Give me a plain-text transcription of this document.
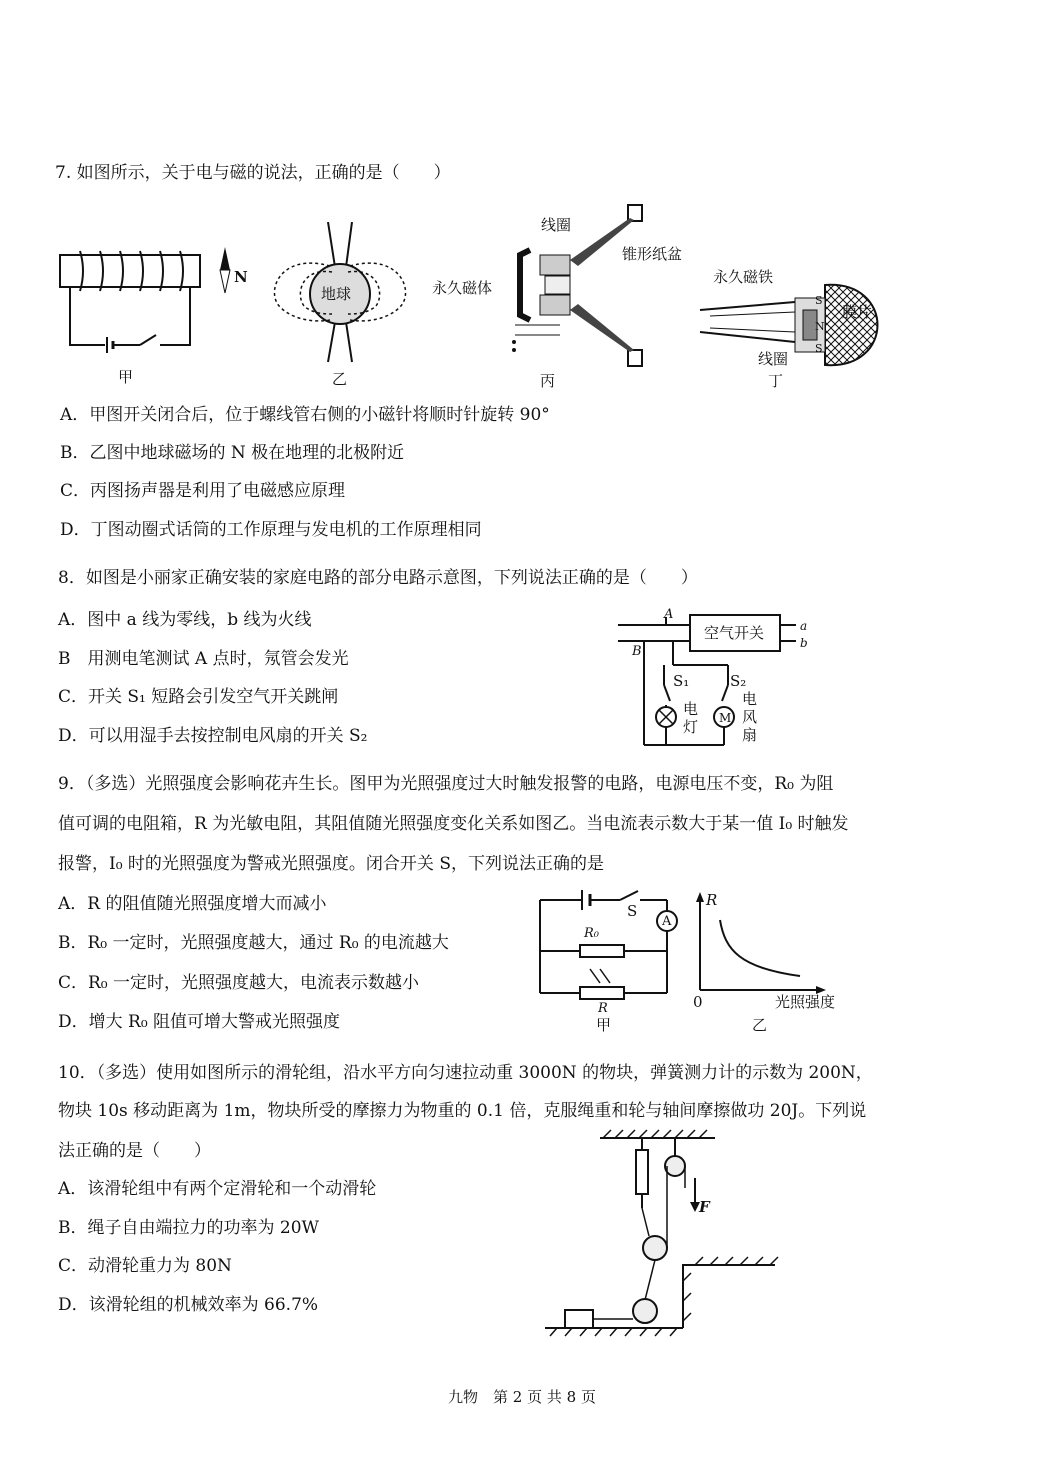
7. 如图所示，关于电与磁的说法，正确的是（　　）
N
甲
地球
乙
线圈
锥形纸盆
永久磁体
丙
永久磁铁
S
N
S
膜片
线圈
丁
A．甲图开关闭合后，位于螺线管右侧的小磁针将顺时针旋转 90°
B．乙图中地球磁场的 N 极在地理的北极附近
C．丙图扬声器是利用了电磁感应原理
D．丁图动圈式话筒的工作原理与发电机的工作原理相同
8．如图是小丽家正确安装的家庭电路的部分电路示意图，下列说法正确的是（　　）
A．图中 a 线为零线，b 线为火线
B　用测电笔测试 A 点时，氖管会发光
C．开关 S₁ 短路会引发空气开关跳闸
D．可以用湿手去按控制电风扇的开关 S₂
A
B
空气开关	a
b
S₁	S₂
电
灯 M
电
风
扇
9．（多选）光照强度会影响花卉生长。图甲为光照强度过大时触发报警的电路，电源电压不变，R₀ 为阻
值可调的电阻箱，R 为光敏电阻，其阻值随光照强度变化关系如图乙。当电流表示数大于某一值 I₀ 时触发
报警，I₀ 时的光照强度为警戒光照强度。闭合开关 S，下列说法正确的是
A．R 的阻值随光照强度增大而减小
B．R₀ 一定时，光照强度越大，通过 R₀ 的电流越大
C．R₀ 一定时，光照强度越大，电流表示数越小
D．增大 R₀ 阻值可增大警戒光照强度
S
A
R₀
R
甲
R
0	光照强度
乙
10．（多选）使用如图所示的滑轮组，沿水平方向匀速拉动重 3000N 的物块，弹簧测力计的示数为 200N，
物块 10s 移动距离为 1m，物块所受的摩擦力为物重的 0.1 倍，克服绳重和轮与轴间摩擦做功 20J。下列说
法正确的是（　　）
A．该滑轮组中有两个定滑轮和一个动滑轮
B．绳子自由端拉力的功率为 20W
C．动滑轮重力为 80N
D．该滑轮组的机械效率为 66.7%
F
九物　第 2 页 共 8 页
